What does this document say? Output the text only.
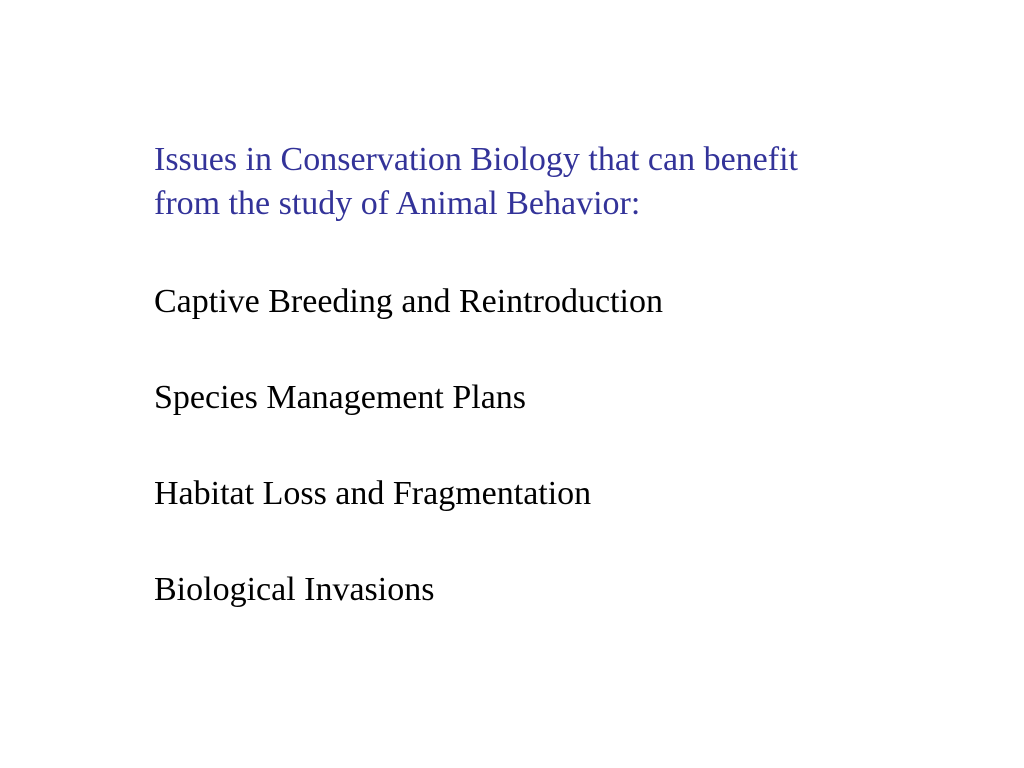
Issues in Conservation Biology that can benefit
from the study of Animal Behavior:
Captive Breeding and Reintroduction
Species Management Plans
Habitat Loss and Fragmentation
Biological Invasions
